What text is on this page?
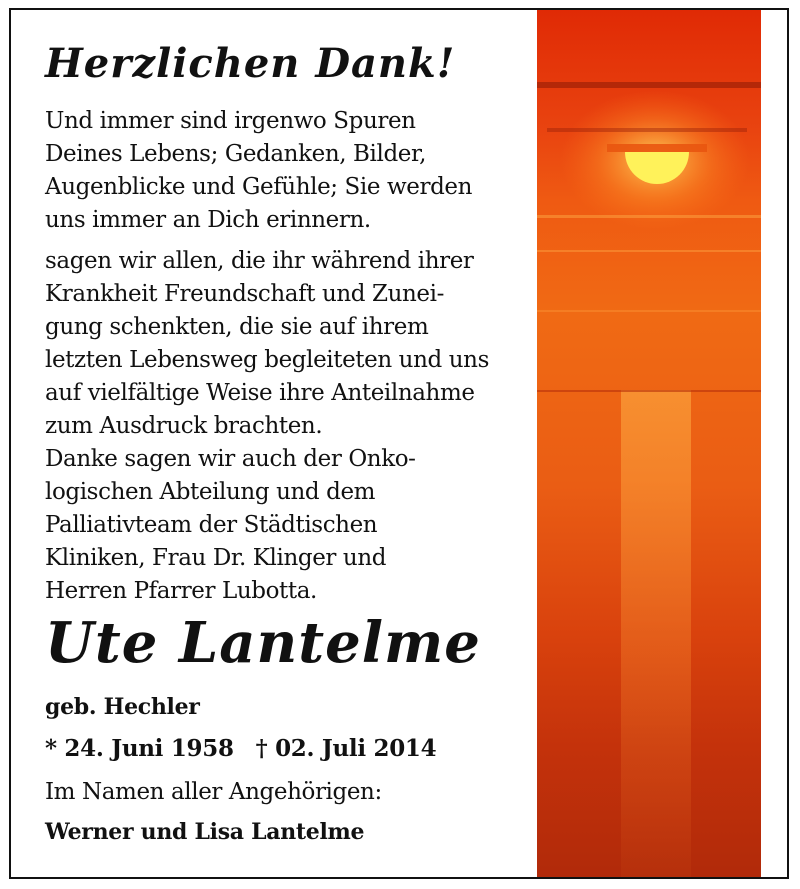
Herzlichen Dank!

Und immer sind irgenwo Spuren
Deines Lebens; Gedanken, Bilder,
Augenblicke und Gefühle; Sie werden
uns immer an Dich erinnern.

sagen wir allen, die ihr während ihrer
Krankheit Freundschaft und Zunei-
gung schenkten, die sie auf ihrem
letzten Lebensweg begleiteten und uns
auf vielfältige Weise ihre Anteilnahme
zum Ausdruck brachten.
Danke sagen wir auch der Onko-
logischen Abteilung und dem
Palliativteam der Städtischen
Kliniken, Frau Dr. Klinger und
Herren Pfarrer Lubotta.

Ute Lantelme

geb. Hechler

* 24. Juni 1958 † 02. Juli 2014

Im Namen aller Angehörigen:

Werner und Lisa Lantelme
